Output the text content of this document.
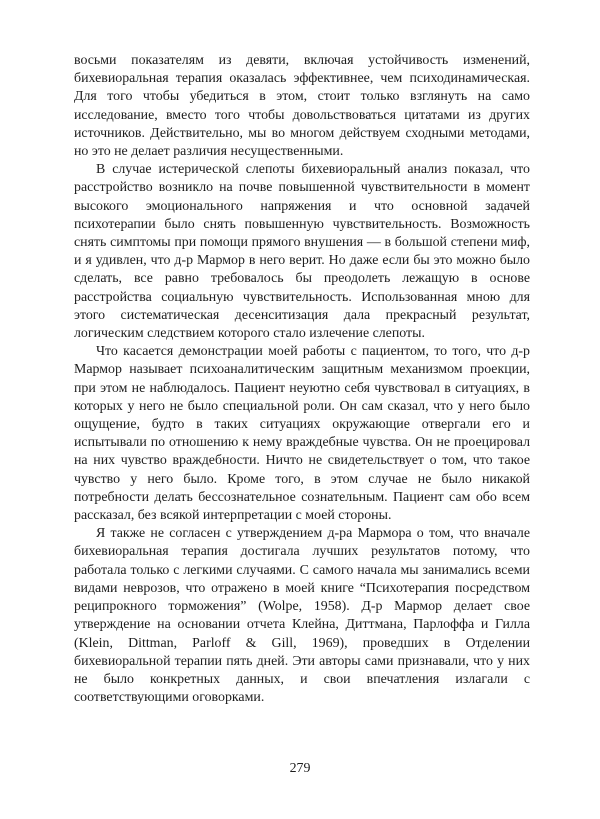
восьми показателям из девяти, включая устойчивость изменений, бихевиоральная терапия оказалась эффективнее, чем психодинамическая. Для того чтобы убедиться в этом, стоит только взглянуть на само исследование, вместо того чтобы довольствоваться цитатами из других источников. Действительно, мы во многом действуем сходными методами, но это не делает различия несущественными.

В случае истерической слепоты бихевиоральный анализ показал, что расстройство возникло на почве повышенной чувствительности в момент высокого эмоционального напряжения и что основной задачей психотерапии было снять повышенную чувствительность. Возможность снять симптомы при помощи прямого внушения — в большой степени миф, и я удивлен, что д-р Мармор в него верит. Но даже если бы это можно было сделать, все равно требовалось бы преодолеть лежащую в основе расстройства социальную чувствительность. Использованная мною для этого систематическая десенситизация дала прекрасный результат, логическим следствием которого стало излечение слепоты.

Что касается демонстрации моей работы с пациентом, то того, что д-р Мармор называет психоаналитическим защитным механизмом проекции, при этом не наблюдалось. Пациент неуютно себя чувствовал в ситуациях, в которых у него не было специальной роли. Он сам сказал, что у него было ощущение, будто в таких ситуациях окружающие отвергали его и испытывали по отношению к нему враждебные чувства. Он не проецировал на них чувство враждебности. Ничто не свидетельствует о том, что такое чувство у него было. Кроме того, в этом случае не было никакой потребности делать бессознательное сознательным. Пациент сам обо всем рассказал, без всякой интерпретации с моей стороны.

Я также не согласен с утверждением д-ра Мармора о том, что вначале бихевиоральная терапия достигала лучших результатов потому, что работала только с легкими случаями. С самого начала мы занимались всеми видами неврозов, что отражено в моей книге “Психотерапия посредством реципрокного торможения” (Wolpe, 1958). Д-р Мармор делает свое утверждение на основании отчета Клейна, Диттмана, Парлоффа и Гилла (Klein, Dittman, Parloff & Gill, 1969), проведших в Отделении бихевиоральной терапии пять дней. Эти авторы сами признавали, что у них не было конкретных данных, и свои впечатления излагали с соответствующими оговорками.

279
